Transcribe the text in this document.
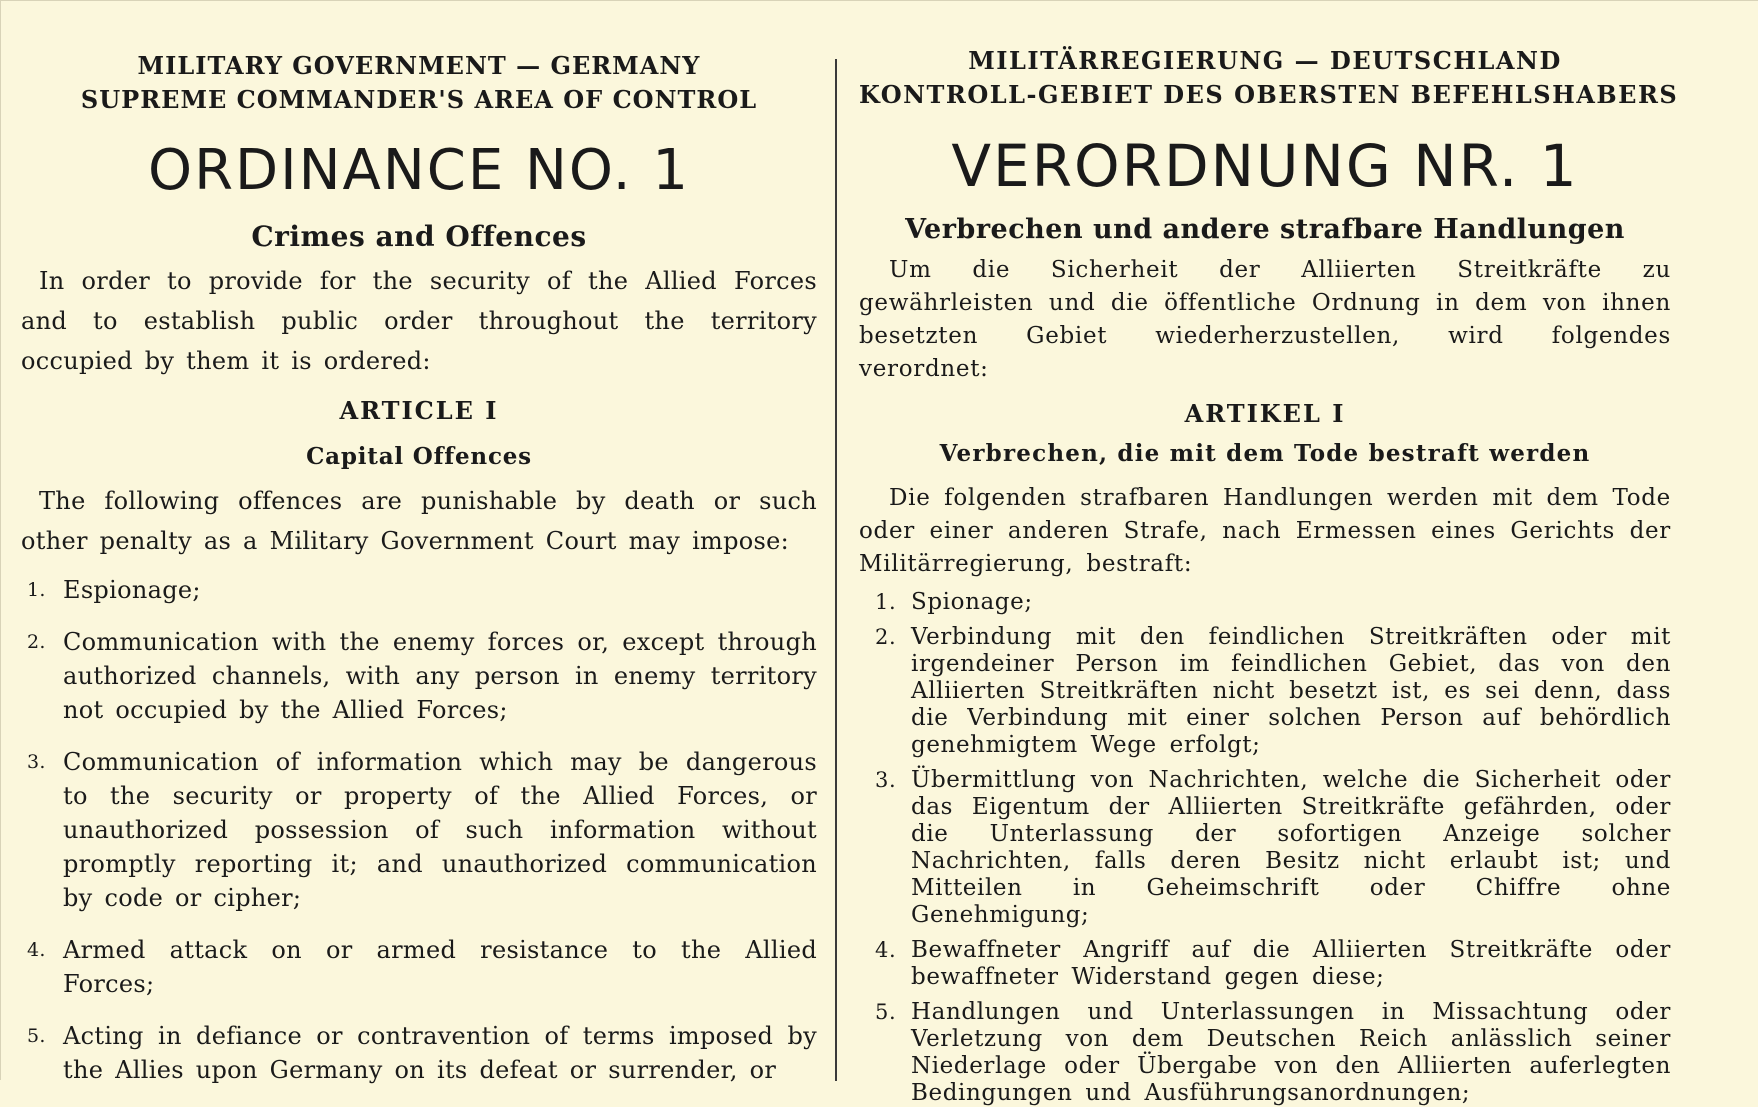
MILITARY GOVERNMENT — GERMANY
SUPREME COMMANDER'S AREA OF CONTROL
ORDINANCE NO. 1
Crimes and Offences

In order to provide for the security of the Allied Forces and to establish public order throughout the territory occupied by them it is ordered:

ARTICLE I
Capital Offences

The following offences are punishable by death or such other penalty as a Military Government Court may impose:

1. Espionage;
2. Communication with the enemy forces or, except through authorized channels, with any person in enemy territory not occupied by the Allied Forces;
3. Communication of information which may be dangerous to the security or property of the Allied Forces, or unauthorized possession of such information without promptly reporting it; and unauthorized communication by code or cipher;
4. Armed attack on or armed resistance to the Allied Forces;
5. Acting in defiance or contravention of terms imposed by the Allies upon Germany on its defeat or surrender, or
MILITÄRREGIERUNG — DEUTSCHLAND
KONTROLL-GEBIET DES OBERSTEN BEFEHLSHABERS
VERORDNUNG NR. 1
Verbrechen und andere strafbare Handlungen

Um die Sicherheit der Alliierten Streitkräfte zu gewährleisten und die öffentliche Ordnung in dem von ihnen besetzten Gebiet wiederherzustellen, wird folgendes verordnet:

ARTIKEL I
Verbrechen, die mit dem Tode bestraft werden

Die folgenden strafbaren Handlungen werden mit dem Tode oder einer anderen Strafe, nach Ermessen eines Gerichts der Militärregierung, bestraft:

1. Spionage;
2. Verbindung mit den feindlichen Streitkräften oder mit irgendeiner Person im feindlichen Gebiet, das von den Alliierten Streitkräften nicht besetzt ist, es sei denn, dass die Verbindung mit einer solchen Person auf behördlich genehmigtem Wege erfolgt;
3. Übermittlung von Nachrichten, welche die Sicherheit oder das Eigentum der Alliierten Streitkräfte gefährden, oder die Unterlassung der sofortigen Anzeige solcher Nachrichten, falls deren Besitz nicht erlaubt ist; und Mitteilen in Geheimschrift oder Chiffre ohne Genehmigung;
4. Bewaffneter Angriff auf die Alliierten Streitkräfte oder bewaffneter Widerstand gegen diese;
5. Handlungen und Unterlassungen in Missachtung oder Verletzung von dem Deutschen Reich anlässlich seiner Niederlage oder Übergabe von den Alliierten auferlegten Bedingungen und Ausführungsanordnungen;
